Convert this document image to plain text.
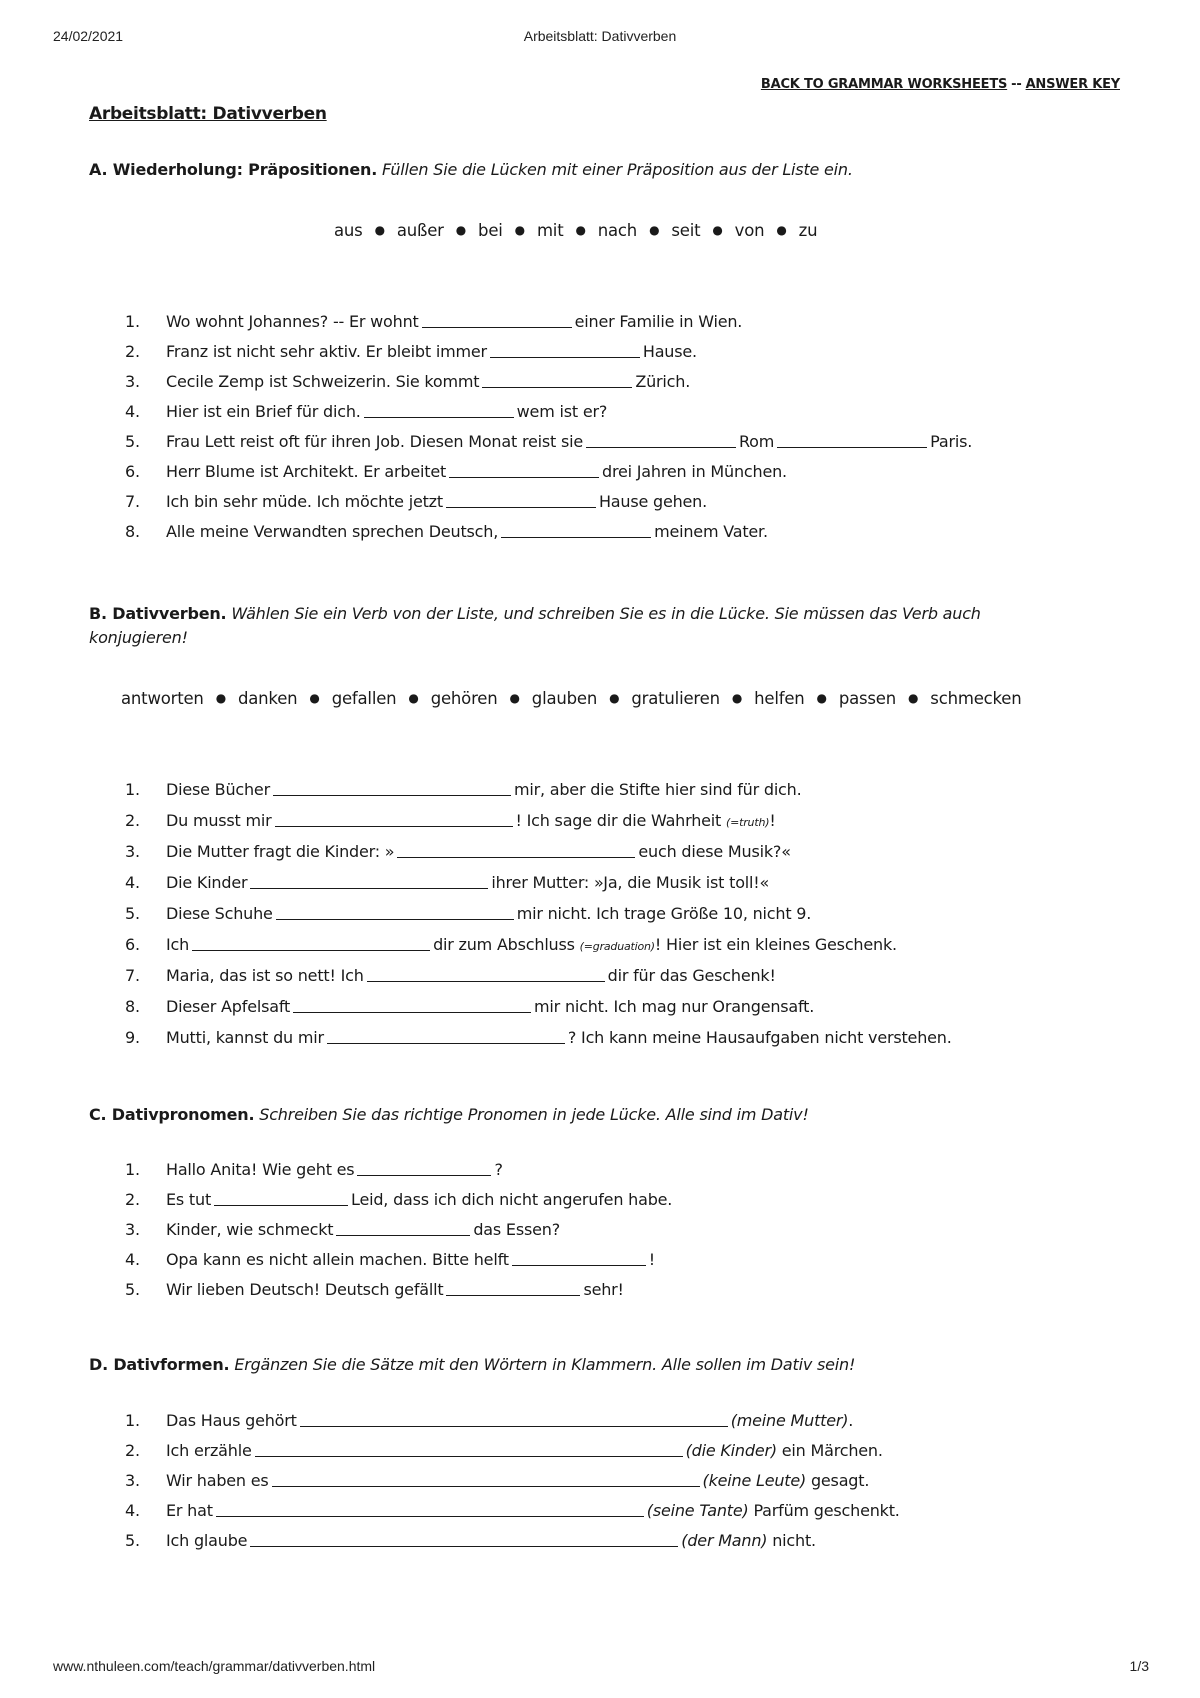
24/02/2021	Arbeitsblatt: Dativverben
BACK TO GRAMMAR WORKSHEETS -- ANSWER KEY
Arbeitsblatt: Dativverben

A. Wiederholung: Präpositionen. Füllen Sie die Lücken mit einer Präposition aus der Liste ein.

aus ● außer ● bei ● mit ● nach ● seit ● von ● zu
1.	Wo wohnt Johannes? -- Er wohnt	einer Familie in Wien.
2.	Franz ist nicht sehr aktiv. Er bleibt immer	Hause.
3.	Cecile Zemp ist Schweizerin. Sie kommt	Zürich.
4.	Hier ist ein Brief für dich.	wem ist er?
5.	Frau Lett reist oft für ihren Job. Diesen Monat reist sie	Rom	Paris.
6.	Herr Blume ist Architekt. Er arbeitet	drei Jahren in München.
7.	Ich bin sehr müde. Ich möchte jetzt	Hause gehen.
8.	Alle meine Verwandten sprechen Deutsch,	meinem Vater.

B. Dativverben. Wählen Sie ein Verb von der Liste, und schreiben Sie es in die Lücke. Sie müssen das Verb auch konjugieren!

antworten ● danken ● gefallen ● gehören ● glauben ● gratulieren ● helfen ● passen ● schmecken
1.	Diese Bücher	mir, aber die Stifte hier sind für dich.
2.	Du musst mir	! Ich sage dir die Wahrheit (=truth)!
3.	Die Mutter fragt die Kinder: »	euch diese Musik?«
4.	Die Kinder	ihrer Mutter: »Ja, die Musik ist toll!«
5.	Diese Schuhe	mir nicht. Ich trage Größe 10, nicht 9.
6.	Ich	dir zum Abschluss (=graduation)! Hier ist ein kleines Geschenk.
7.	Maria, das ist so nett! Ich	dir für das Geschenk!
8.	Dieser Apfelsaft	mir nicht. Ich mag nur Orangensaft.
9.	Mutti, kannst du mir	? Ich kann meine Hausaufgaben nicht verstehen.

C. Dativpronomen. Schreiben Sie das richtige Pronomen in jede Lücke. Alle sind im Dativ!

1.	Hallo Anita! Wie geht es	?
2.	Es tut	Leid, dass ich dich nicht angerufen habe.
3.	Kinder, wie schmeckt	das Essen?
4.	Opa kann es nicht allein machen. Bitte helft	!
5.	Wir lieben Deutsch! Deutsch gefällt	sehr!

D. Dativformen. Ergänzen Sie die Sätze mit den Wörtern in Klammern. Alle sollen im Dativ sein!

1.	Das Haus gehört	(meine Mutter).
2.	Ich erzähle	(die Kinder) ein Märchen.
3.	Wir haben es	(keine Leute) gesagt.
4.	Er hat	(seine Tante) Parfüm geschenkt.
5.	Ich glaube	(der Mann) nicht.
www.nthuleen.com/teach/grammar/dativverben.html	1/3
